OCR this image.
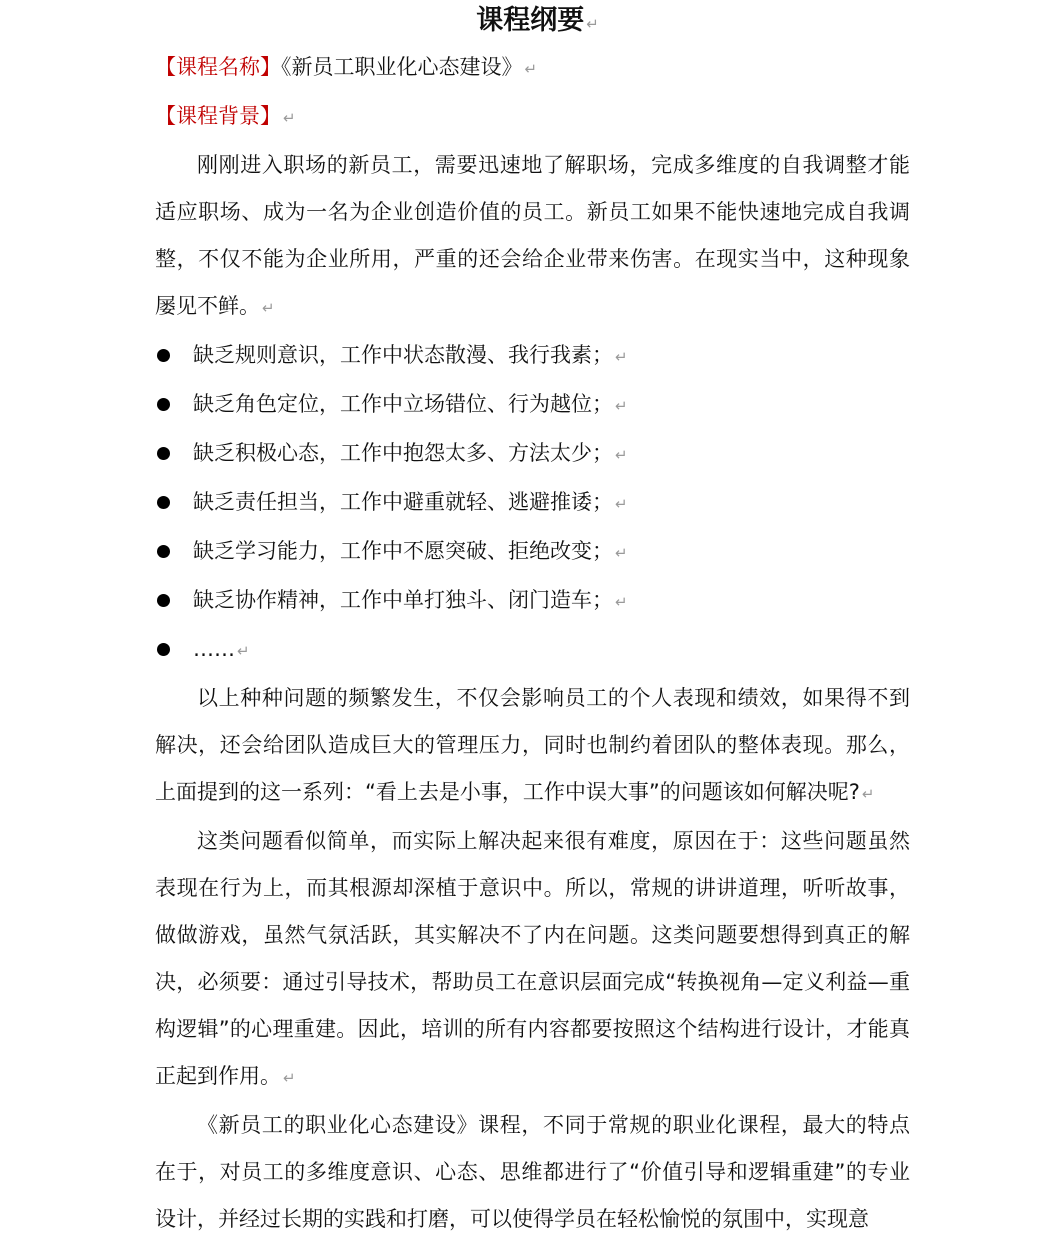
课程纲要 ↵

【课程名称】《新员工职业化心态建设》 ↵

【课程背景】 ↵

刚刚进入职场的新员工，需要迅速地了解职场，完成多维度的自我调整才能适应职场、成为一名为企业创造价值的员工。新员工如果不能快速地完成自我调整，不仅不能为企业所用，严重的还会给企业带来伤害。在现实当中，这种现象屡见不鲜。 ↵

缺乏规则意识，工作中状态散漫、我行我素； ↵
缺乏角色定位，工作中立场错位、行为越位； ↵
缺乏积极心态，工作中抱怨太多、方法太少； ↵
缺乏责任担当，工作中避重就轻、逃避推诿； ↵
缺乏学习能力，工作中不愿突破、拒绝改变； ↵
缺乏协作精神，工作中单打独斗、闭门造车； ↵
…… ↵

以上种种问题的频繁发生，不仅会影响员工的个人表现和绩效，如果得不到解决，还会给团队造成巨大的管理压力，同时也制约着团队的整体表现。那么，上面提到的这一系列：“看上去是小事，工作中误大事”的问题该如何解决呢? ↵

这类问题看似简单，而实际上解决起来很有难度，原因在于：这些问题虽然表现在行为上，而其根源却深植于意识中。所以，常规的讲讲道理，听听故事，做做游戏，虽然气氛活跃，其实解决不了内在问题。这类问题要想得到真正的解决，必须要：通过引导技术，帮助员工在意识层面完成“转换视角—定义利益—重构逻辑”的心理重建。因此，培训的所有内容都要按照这个结构进行设计，才能真正起到作用。 ↵

《新员工的职业化心态建设》课程，不同于常规的职业化课程，最大的特点在于，对员工的多维度意识、心态、思维都进行了“价值引导和逻辑重建”的专业设计，并经过长期的实践和打磨，可以使得学员在轻松愉悦的氛围中，实现意
